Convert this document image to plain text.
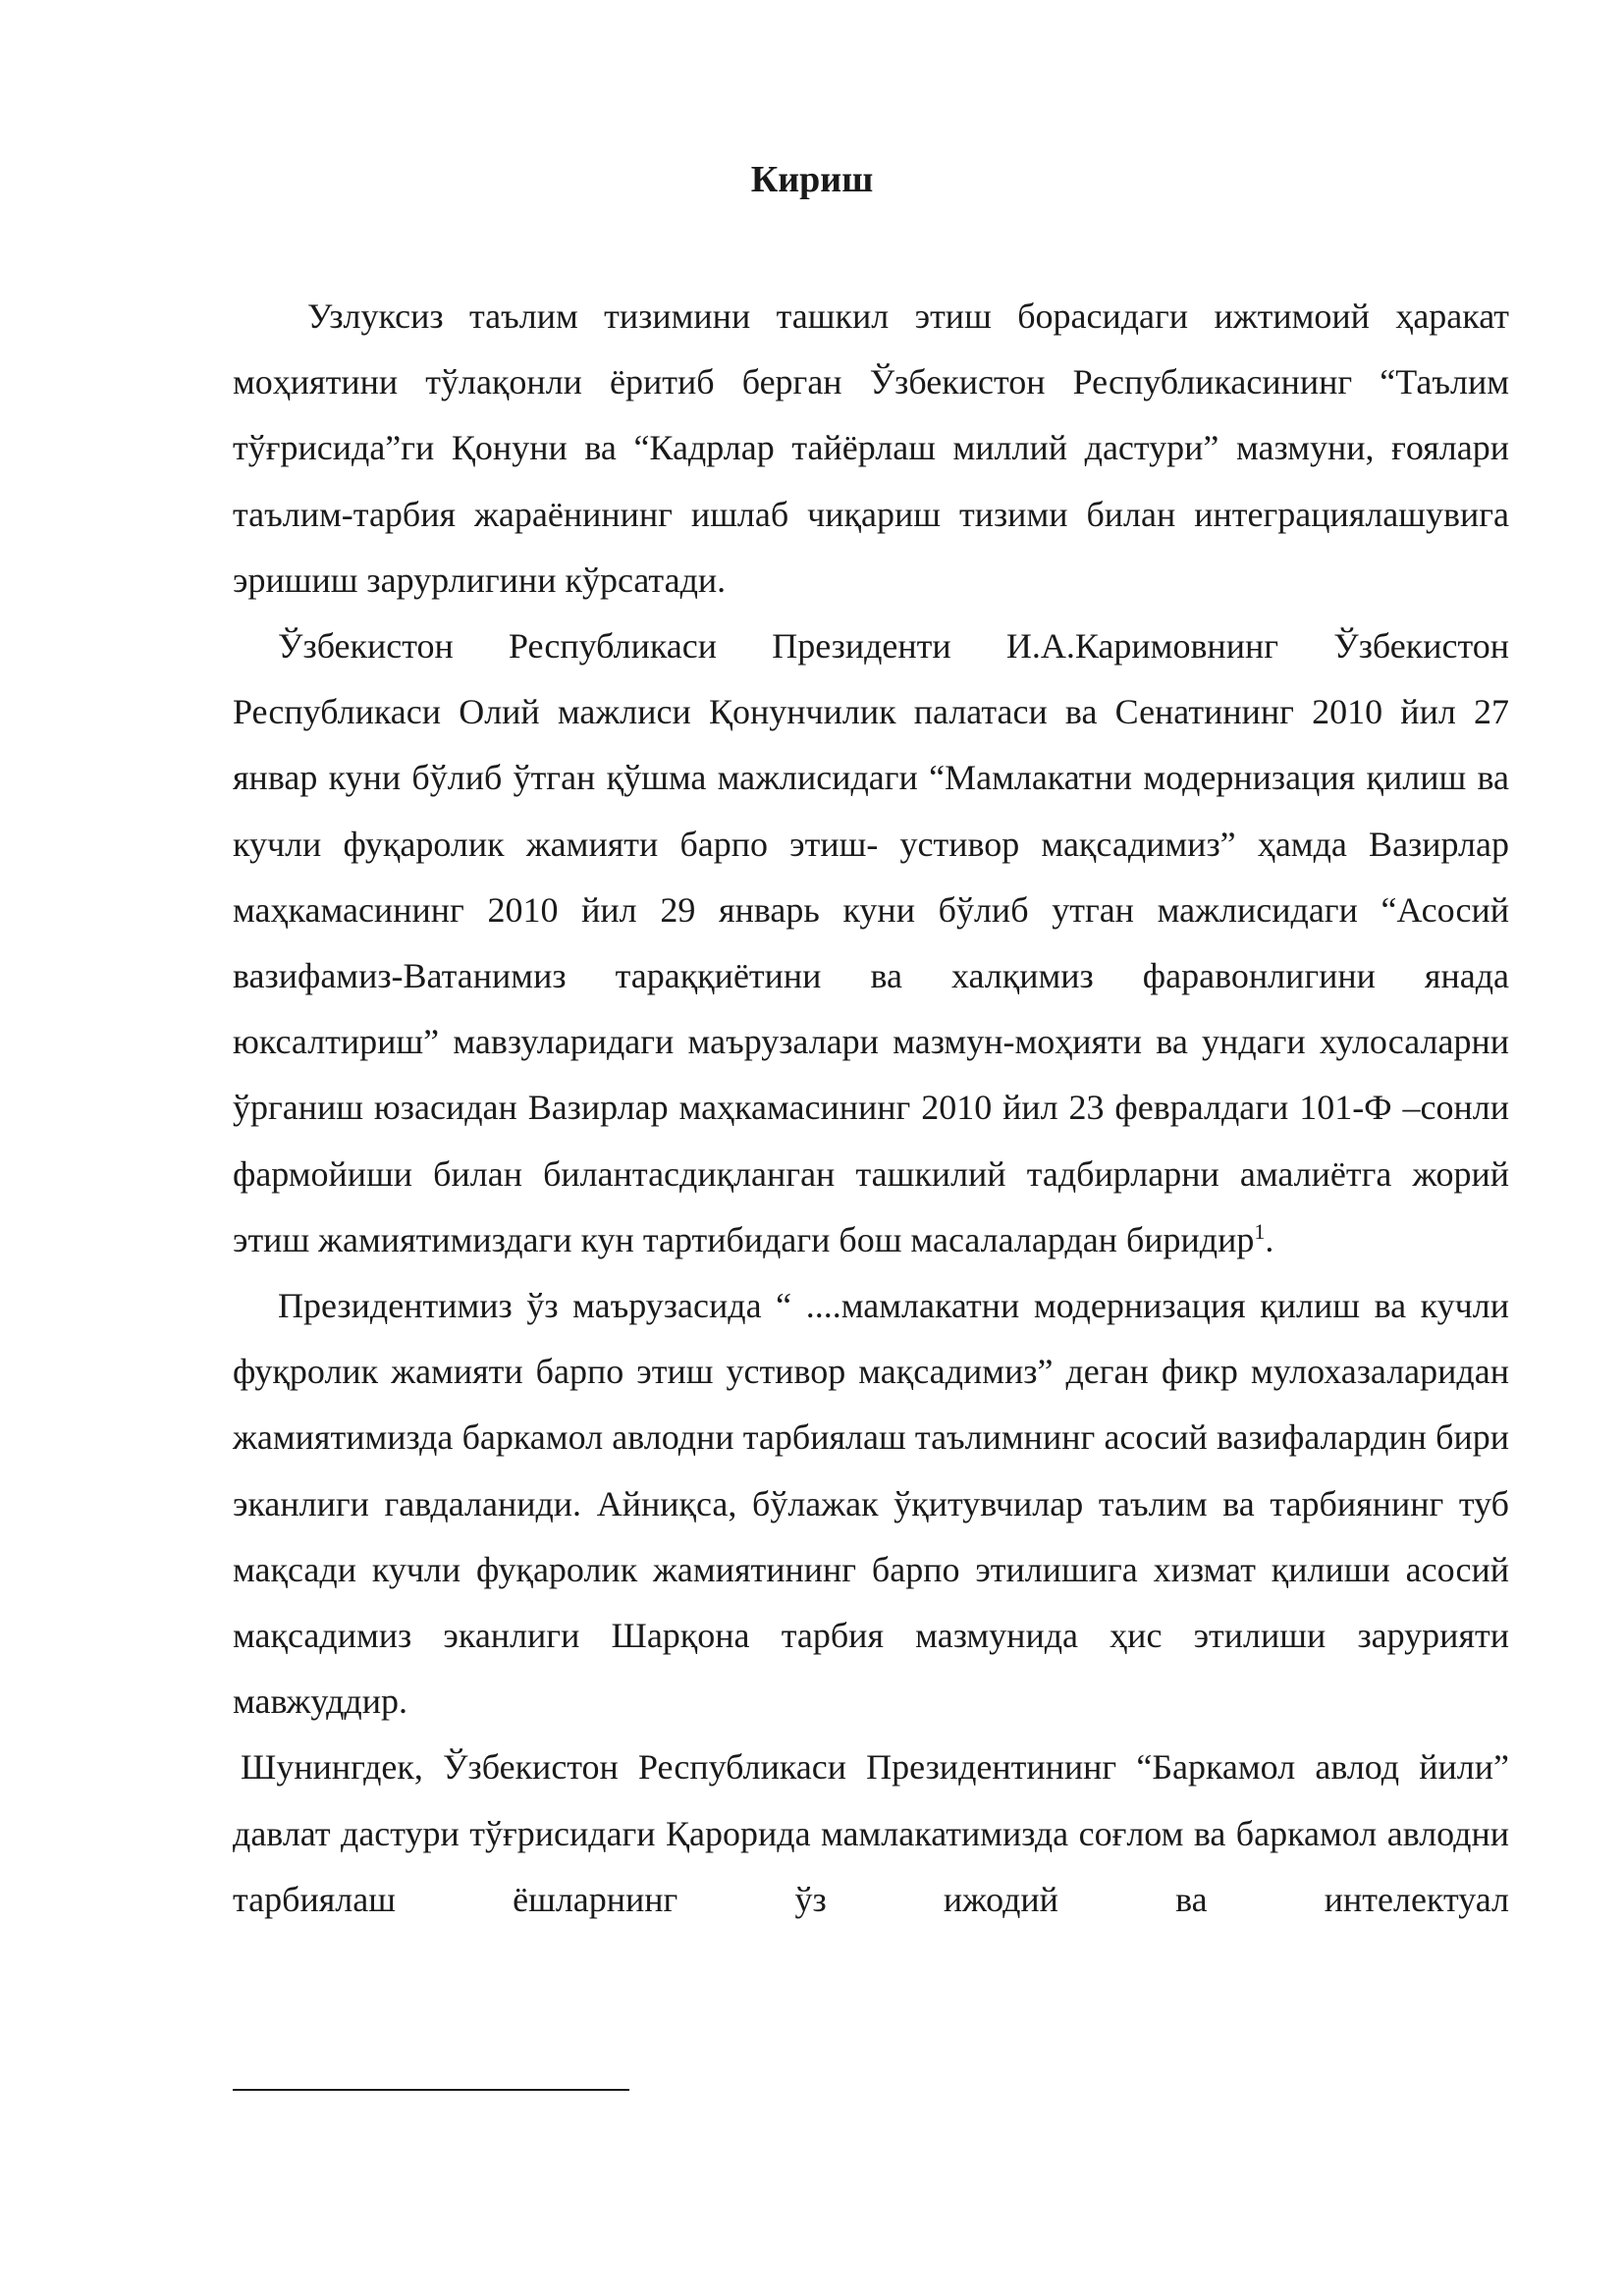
Кириш

Узлуксиз таълим тизимини ташкил этиш борасидаги ижтимоий ҳаракат моҳиятини тўлақонли ёритиб берган Ўзбекистон Республикасининг “Таълим тўғрисида”ги Қонуни ва “Кадрлар тайёрлаш миллий дастури” мазмуни, ғоялари таълим-тарбия жараёнининг ишлаб чиқариш тизими билан интеграциялашувига эришиш зарурлигини кўрсатади.

Ўзбекистон Республикаси Президенти И.А.Каримовнинг Ўзбекистон Республикаси Олий мажлиси Қонунчилик палатаси ва Сенатининг 2010 йил 27 январ куни бўлиб ўтган қўшма мажлисидаги “Мамлакатни модернизация қилиш ва кучли фуқаролик жамияти барпо этиш- устивор мақсадимиз” ҳамда Вазирлар маҳкамасининг 2010 йил 29 январь куни бўлиб утган мажлисидаги “Асосий вазифамиз-Ватанимиз тараққиётини ва халқимиз фаравонлигини янада юксалтириш” мавзуларидаги маърузалари мазмун-моҳияти ва ундаги хулосаларни ўрганиш юзасидан Вазирлар маҳкамасининг 2010 йил 23 февралдаги 101-Ф –сонли фармойиши билан билантасдиқланган ташкилий тадбирларни амалиётга жорий этиш жамиятимиздаги кун тартибидаги бош масалалардан биридир$^1$.

Президентимиз ўз маърузасида “ ....мамлакатни модернизация қилиш ва кучли фуқролик жамияти барпо этиш устивор мақсадимиз” деган фикр мулохазаларидан жамиятимизда баркамол авлодни тарбиялаш таълимнинг асосий вазифалардин бири эканлиги гавдаланиди. Айниқса, бўлажак ўқитувчилар таълим ва тарбиянинг туб мақсади кучли фуқаролик жамиятининг барпо этилишига хизмат қилиши асосий мақсадимиз эканлиги Шарқона тарбия мазмунида ҳис этилиши зарурияти мавжуддир.

Шунингдек, Ўзбекистон Республикаси Президентининг “Баркамол авлод йили” давлат дастури тўғрисидаги Қарорида мамлакатимизда соғлом ва баркамол авлодни тарбиялаш ёшларнинг ўз ижодий ва интелектуал
